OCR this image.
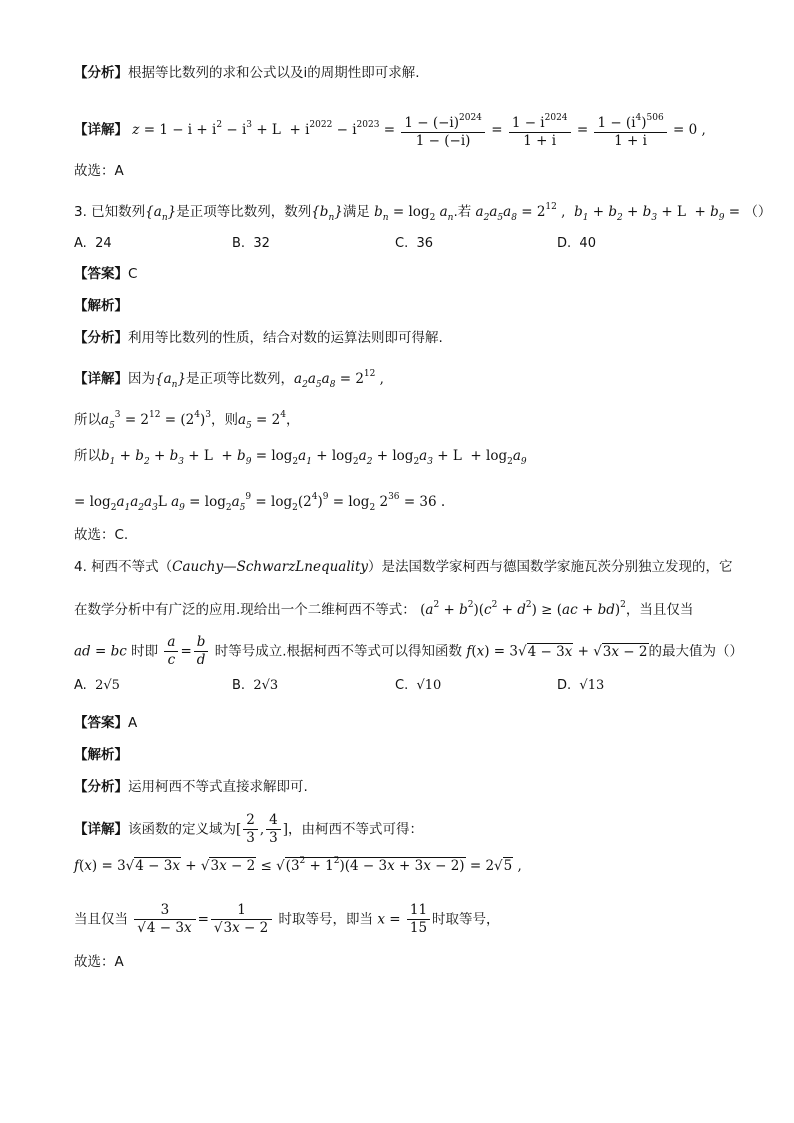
【分析】根据等比数列的求和公式以及i的周期性即可求解.
【详解】 $z = 1 - i + i^2 - i^3 + L + i^{2022} - i^{2023} = \frac{1 - (-i)^{2024}}{1 - (-i)} = \frac{1 - i^{2024}}{1 + i} = \frac{1 - (i^4)^{506}}{1 + i} = 0$ ,
故选：A
3. 已知数列$\{a_n\}$是正项等比数列，数列$\{b_n\}$满足 $b_n = \log_2 a_n$.若 $a_2a_5a_8 = 2^{12}$ , $b_1 + b_2 + b_3 + L + b_9$ = （）
A. 24	B. 32	C. 36	D. 40
【答案】C
【解析】
【分析】利用等比数列的性质，结合对数的运算法则即可得解.
【详解】因为$\{a_n\}$是正项等比数列，$a_2a_5a_8 = 2^{12}$ ,
所以$a_5^3 = 2^{12} = (2^4)^3$，则$a_5 = 2^4$，
所以$b_1 + b_2 + b_3 + L + b_9 = \log_2a_1 + \log_2a_2 + \log_2a_3 + L + \log_2a_9$
= $\log_2a_1a_2a_3L$ $a_9 = \log_2a_5^9 = \log_2(2^4)^9 = \log_2 2^{36} = 36$ .
故选：C.
4. 柯西不等式（Cauchy—SchwarzLnequality）是法国数学家柯西与德国数学家施瓦茨分别独立发现的，它
在数学分析中有广泛的应用.现给出一个二维柯西不等式： $(a^2 + b^2)(c^2 + d^2) \ge (ac + bd)^2$，当且仅当
ad = bc 时即 $\frac{a}{c} = \frac{b}{d}$ 时等号成立.根据柯西不等式可以得知函数 f(x) = 3√4 − 3x + √3x − 2的最大值为（）
A. 2√5	B. 2√3	C. √10	D. √13
【答案】A
【解析】
【分析】运用柯西不等式直接求解即可.
【详解】该函数的定义域为[ $\frac{2}{3}$ , $\frac{4}{3}$ ]，由柯西不等式可得：
$f(x) = 3√4 - 3x + √3x - 2 \le √(3^2 + 1^2)(4 - 3x + 3x - 2) = 2√5$ ,
当且仅当 $\frac{3}{√4 - 3x} = \frac{1}{√3x - 2}$ 时取等号，即当 $x = \frac{11}{15}$ 时取等号，
故选：A
